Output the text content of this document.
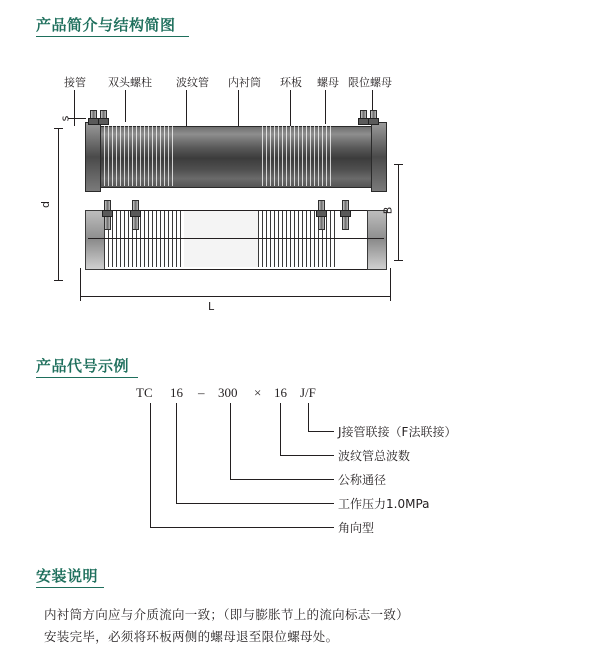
产品简介与结构简图
接管 双头螺柱 波纹管 内衬筒 环板 螺母 限位螺母
d
s
B
L
产品代号示例
TC 16 – 300 × 16 J/F
J接管联接（F法联接）
波纹管总波数
公称通径
工作压力1.0MPa
角向型
安装说明
内衬筒方向应与介质流向一致；（即与膨胀节上的流向标志一致）
安装完毕，必须将环板两侧的螺母退至限位螺母处。
